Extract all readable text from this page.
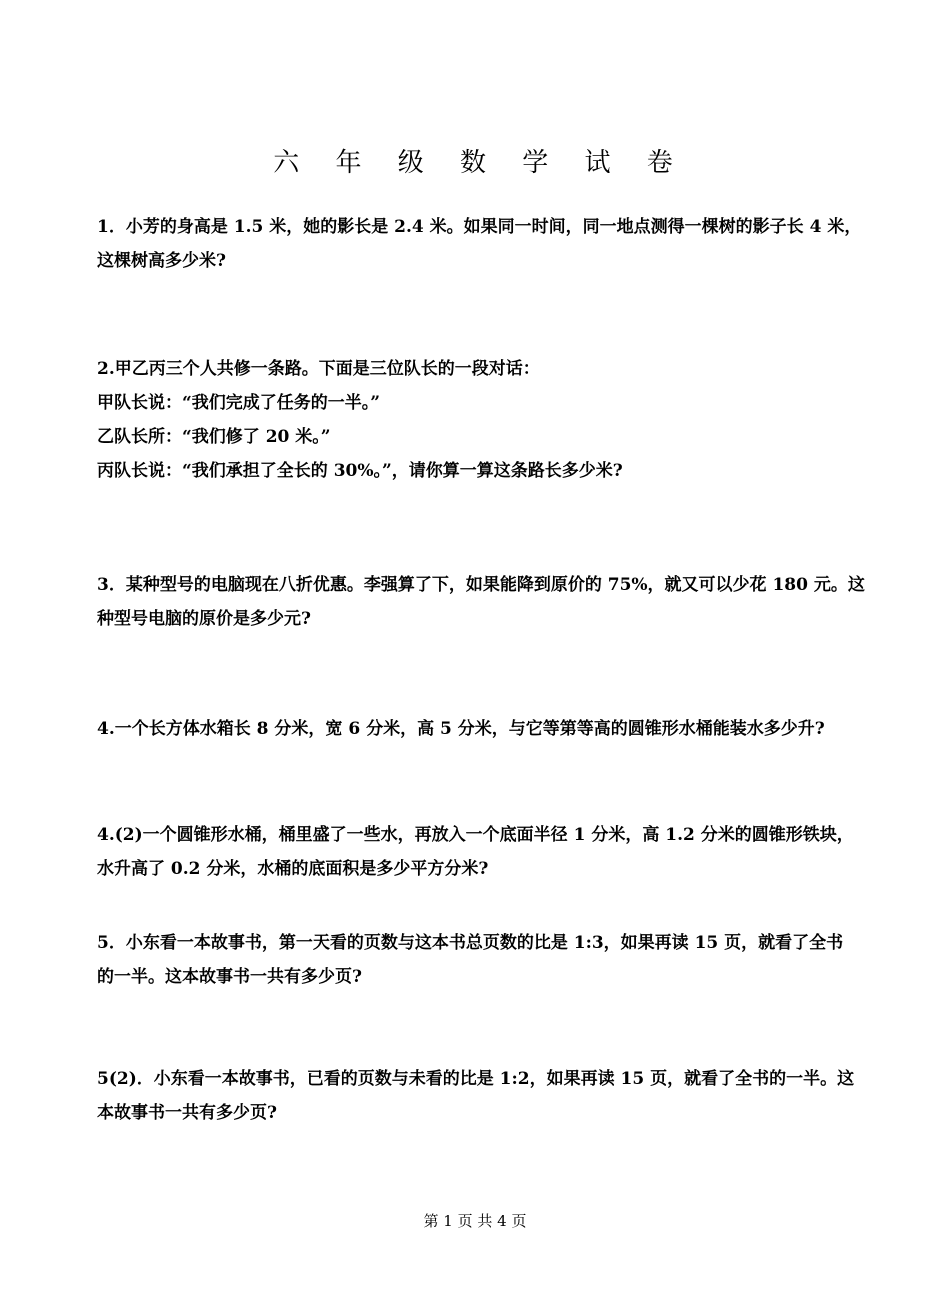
六 年 级 数 学 试 卷

1．小芳的身高是 1.5 米，她的影长是 2.4 米。如果同一时间，同一地点测得一棵树的影子长 4 米，

这棵树高多少米?

2.甲乙丙三个人共修一条路。下面是三位队长的一段对话：

甲队长说：“我们完成了任务的一半。”

乙队长所：“我们修了 20 米。”

丙队长说：“我们承担了全长的 30%。”，请你算一算这条路长多少米?

3．某种型号的电脑现在八折优惠。李强算了下，如果能降到原价的 75%，就又可以少花 180 元。这

种型号电脑的原价是多少元?

4.一个长方体水箱长 8 分米，宽 6 分米，高 5 分米，与它等第等高的圆锥形水桶能装水多少升?

4.(2)一个圆锥形水桶，桶里盛了一些水，再放入一个底面半径 1 分米，高 1.2 分米的圆锥形铁块，

水升高了 0.2 分米，水桶的底面积是多少平方分米?

5．小东看一本故事书，第一天看的页数与这本书总页数的比是 1:3，如果再读 15 页，就看了全书

的一半。这本故事书一共有多少页?

5(2)．小东看一本故事书，已看的页数与未看的比是 1:2，如果再读 15 页，就看了全书的一半。这

本故事书一共有多少页?

第 1 页 共 4 页
